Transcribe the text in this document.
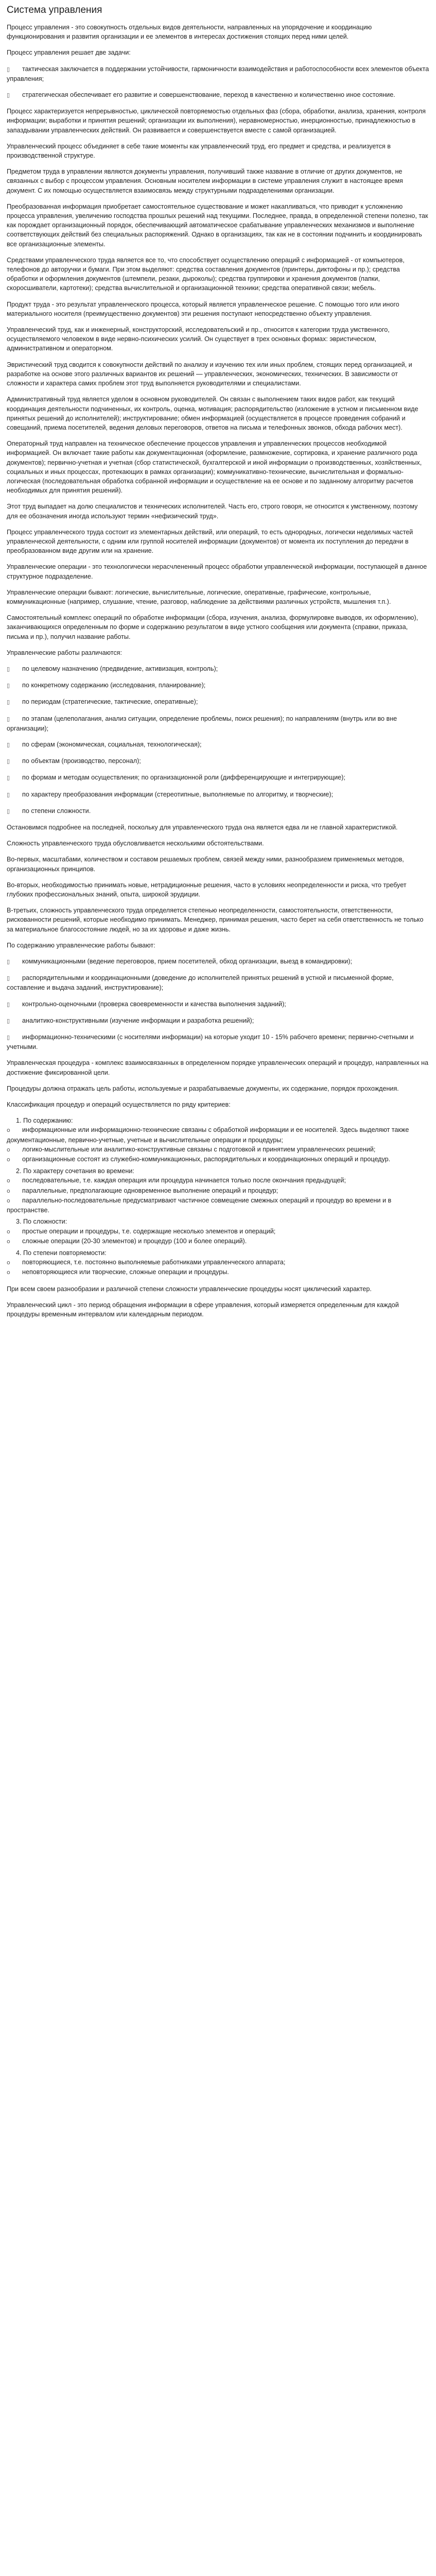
Система управления

Процесс управления - это совокупность отдельных видов деятельности, направленных на упорядочение и координацию функционирования и развития организации и ее элементов в интересах достижения стоящих перед ними целей.

Процесс управления решает две задачи:

▯ тактическая заключается в поддержании устойчивости, гармоничности взаимодействия и работоспособности всех элементов объекта управления;
▯ стратегическая обеспечивает его развитие и совершенствование, переход в качественно и количественно иное состояние.

Процесс характеризуется непрерывностью, циклической повторяемостью отдельных фаз (сбора, обработки, анализа, хранения, контроля информации; выработки и принятия решений; организации их выполнения), неравномерностью, инерционностью, принадлежностью в запаздывании управленческих действий. Он развивается и совершенствуется вместе с самой организацией.

Управленческий процесс объединяет в себе такие моменты как управленческий труд, его предмет и средства, и реализуется в производственной структуре.

Предметом труда в управлении являются документы управления, получивший также название в отличие от других документов, не связанных с выбор с процессом управления. Основным носителем информации в системе управления служит в настоящее время документ. С их помощью осуществляется взаимосвязь между структурными подразделениями организации.

Преобразованная информация приобретает самостоятельное существование и может накапливаться, что приводит к усложнению процесса управления, увеличению господства прошлых решений над текущими. Последнее, правда, в определенной степени полезно, так как порождает организационный порядок, обеспечивающий автоматическое срабатывание управленческих механизмов и выполнение соответствующих действий без специальных распоряжений. Однако в организациях, так как не в состоянии подчинить и координировать все организационные элементы.

Средствами управленческого труда является все то, что способствует осуществлению операций с информацией - от компьютеров, телефонов до авторучки и бумаги. При этом выделяют: средства составления документов (принтеры, диктофоны и пр.); средства обработки и оформления документов (штемпели, резаки, дыроколы); средства группировки и хранения документов (папки, скоросшиватели, картотеки); средства вычислительной и организационной техники; средства оперативной связи; мебель.

Продукт труда - это результат управленческого процесса, который является управленческое решение. С помощью того или иного материального носителя (преимущественно документов) эти решения поступают непосредственно объекту управления.

Управленческий труд, как и инженерный, конструкторский, исследовательский и пр., относится к категории труда умственного, осуществляемого человеком в виде нервно-психических усилий. Он существует в трех основных формах: эвристическом, административном и операторном.

Эвристический труд сводится к совокупности действий по анализу и изучению тех или иных проблем, стоящих перед организацией, и разработке на основе этого различных вариантов их решений — управленческих, экономических, технических. В зависимости от сложности и характера самих проблем этот труд выполняется руководителями и специалистами.

Административный труд является уделом в основном руководителей. Он связан с выполнением таких видов работ, как текущий координация деятельности подчиненных, их контроль, оценка, мотивация; распорядительство (изложение в устном и письменном виде принятых решений до исполнителей); инструктирование; обмен информацией (осуществляется в процессе проведения собраний и совещаний, приема посетителей, ведения деловых переговоров, ответов на письма и телефонных звонков, обхода рабочих мест).

Операторный труд направлен на техническое обеспечение процессов управления и управленческих процессов необходимой информацией. Он включает такие работы как документационная (оформление, размножение, сортировка, и хранение различного рода документов); первично-учетная и учетная (сбор статистической, бухгалтерской и иной информации о производственных, хозяйственных, социальных и иных процессах, протекающих в рамках организации); коммуникативно-технические, вычислительная и формально-логическая (последовательная обработка собранной информации и осуществление на ее основе и по заданному алгоритму расчетов необходимых для принятия решений).

Этот труд выпадает на долю специалистов и технических исполнителей. Часть его, строго говоря, не относится к умственному, поэтому для ее обозначения иногда используют термин «нефизический труд».

Процесс управленческого труда состоит из элементарных действий, или операций, то есть однородных, логически неделимых частей управленческой деятельности, с одним или группой носителей информации (документов) от момента их поступления до передачи в преобразованном виде другим или на хранение.

Управленческие операции - это технологически нерасчлененный процесс обработки управленческой информации, поступающей в данное структурное подразделение.

Управленческие операции бывают: логические, вычислительные, логические, оперативные, графические, контрольные, коммуникационные (например, слушание, чтение, разговор, наблюдение за действиями различных устройств, мышления т.п.).

Самостоятельный комплекс операций по обработке информации (сбора, изучения, анализа, формулировке выводов, их оформлению), заканчивающихся определенным по форме и содержанию результатом в виде устного сообщения или документа (справки, приказа, письма и пр.), получил название работы.

Управленческие работы различаются:

▯ по целевому назначению (предвидение, активизация, контроль);
▯ по конкретному содержанию (исследования, планирование);
▯ по периодам (стратегические, тактические, оперативные);
▯ по этапам (целеполагания, анализ ситуации, определение проблемы, поиск решения); по направлениям (внутрь или во вне организации);
▯ по сферам (экономическая, социальная, технологическая);
▯ по объектам (производство, персонал);
▯ по формам и методам осуществления; по организационной роли (дифференцирующие и интегрирующие);
▯ по характеру преобразования информации (стереотипные, выполняемые по алгоритму, и творческие);
▯ по степени сложности.

Остановимся подробнее на последней, поскольку для управленческого труда она является едва ли не главной характеристикой.

Сложность управленческого труда обусловливается несколькими обстоятельствами.

Во-первых, масштабами, количеством и составом решаемых проблем, связей между ними, разнообразием применяемых методов, организационных принципов.

Во-вторых, необходимостью принимать новые, нетрадиционные решения, часто в условиях неопределенности и риска, что требует глубоких профессиональных знаний, опыта, широкой эрудиции.

В-третьих, сложность управленческого труда определяется степенью неопределенности, самостоятельности, ответственности, рискованности решений, которые необходимо принимать. Менеджер, принимая решения, часто берет на себя ответственность не только за материальное благосостояние людей, но за их здоровье и даже жизнь.

По содержанию управленческие работы бывают:

▯ коммуникационными (ведение переговоров, прием посетителей, обход организации, выезд в командировки);
▯ распорядительными и координационными (доведение до исполнителей принятых решений в устной и письменной форме, составление и выдача заданий, инструктирование);
▯ контрольно-оценочными (проверка своевременности и качества выполнения заданий);
▯ аналитико-конструктивными (изучение информации и разработка решений);
▯ информационно-техническими (с носителями информации) на которые уходит 10 - 15% рабочего времени; первично-счетными и учетными.

Управленческая процедура - комплекс взаимосвязанных в определенном порядке управленческих операций и процедур, направленных на достижение фиксированной цели.

Процедуры должна отражать цель работы, используемые и разрабатываемые документы, их содержание, порядок прохождения.

Классификация процедур и операций осуществляется по ряду критериев:

1. По содержанию:
o информационные или информационно-технические связаны с обработкой информации и ее носителей. Здесь выделяют также документационные, первично-учетные, учетные и вычислительные операции и процедуры;
o логико-мыслительные или аналитико-конструктивные связаны с подготовкой и принятием управленческих решений;
o организационные состоят из служебно-коммуникационных, распорядительных и координационных операций и процедур.
2. По характеру сочетания во времени:
o последовательные, т.е. каждая операция или процедура начинается только после окончания предыдущей;
o параллельные, предполагающие одновременное выполнение операций и процедур;
o параллельно-последовательные предусматривают частичное совмещение смежных операций и процедур во времени и в пространстве.
3. По сложности:
o простые операции и процедуры, т.е. содержащие несколько элементов и операций;
o сложные операции (20-30 элементов) и процедур (100 и более операций).
4. По степени повторяемости:
o повторяющиеся, т.е. постоянно выполняемые работниками управленческого аппарата;
o неповторяющиеся или творческие, сложные операции и процедуры.

При всем своем разнообразии и различной степени сложности управленческие процедуры носят циклический характер.

Управленческий цикл - это период обращения информации в сфере управления, который измеряется определенным для каждой процедуры временным интервалом или календарным периодом.
